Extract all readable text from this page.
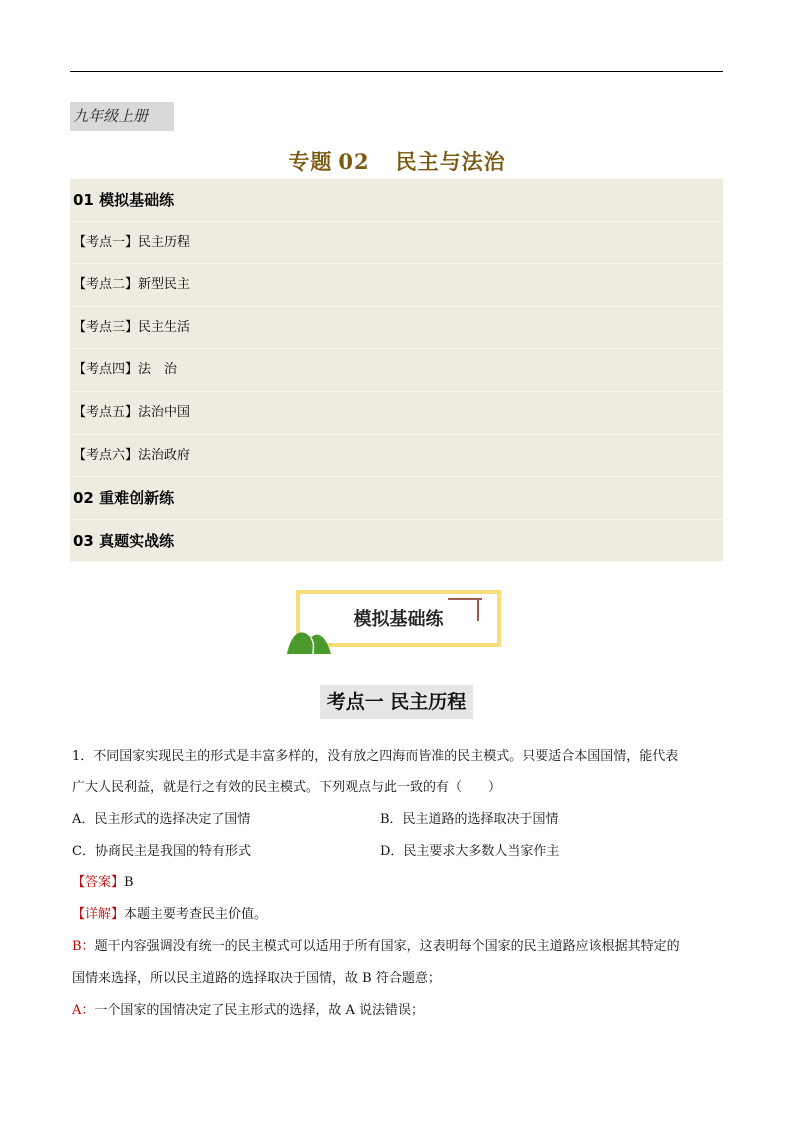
九年级上册
专题 02 民主与法治
01 模拟基础练
【考点一】民主历程
【考点二】新型民主
【考点三】民主生活
【考点四】法　治
【考点五】法治中国
【考点六】法治政府
02 重难创新练
03 真题实战练
模拟基础练
考点一 民主历程
1．不同国家实现民主的形式是丰富多样的，没有放之四海而皆准的民主模式。只要适合本国国情，能代表
广大人民利益，就是行之有效的民主模式。下列观点与此一致的有（　　）
A．民主形式的选择决定了国情	B．民主道路的选择取决于国情
C．协商民主是我国的特有形式	D．民主要求大多数人当家作主
【答案】B
【详解】本题主要考查民主价值。
B：题干内容强调没有统一的民主模式可以适用于所有国家，这表明每个国家的民主道路应该根据其特定的
国情来选择，所以民主道路的选择取决于国情，故 B 符合题意；
A：一个国家的国情决定了民主形式的选择，故 A 说法错误；
